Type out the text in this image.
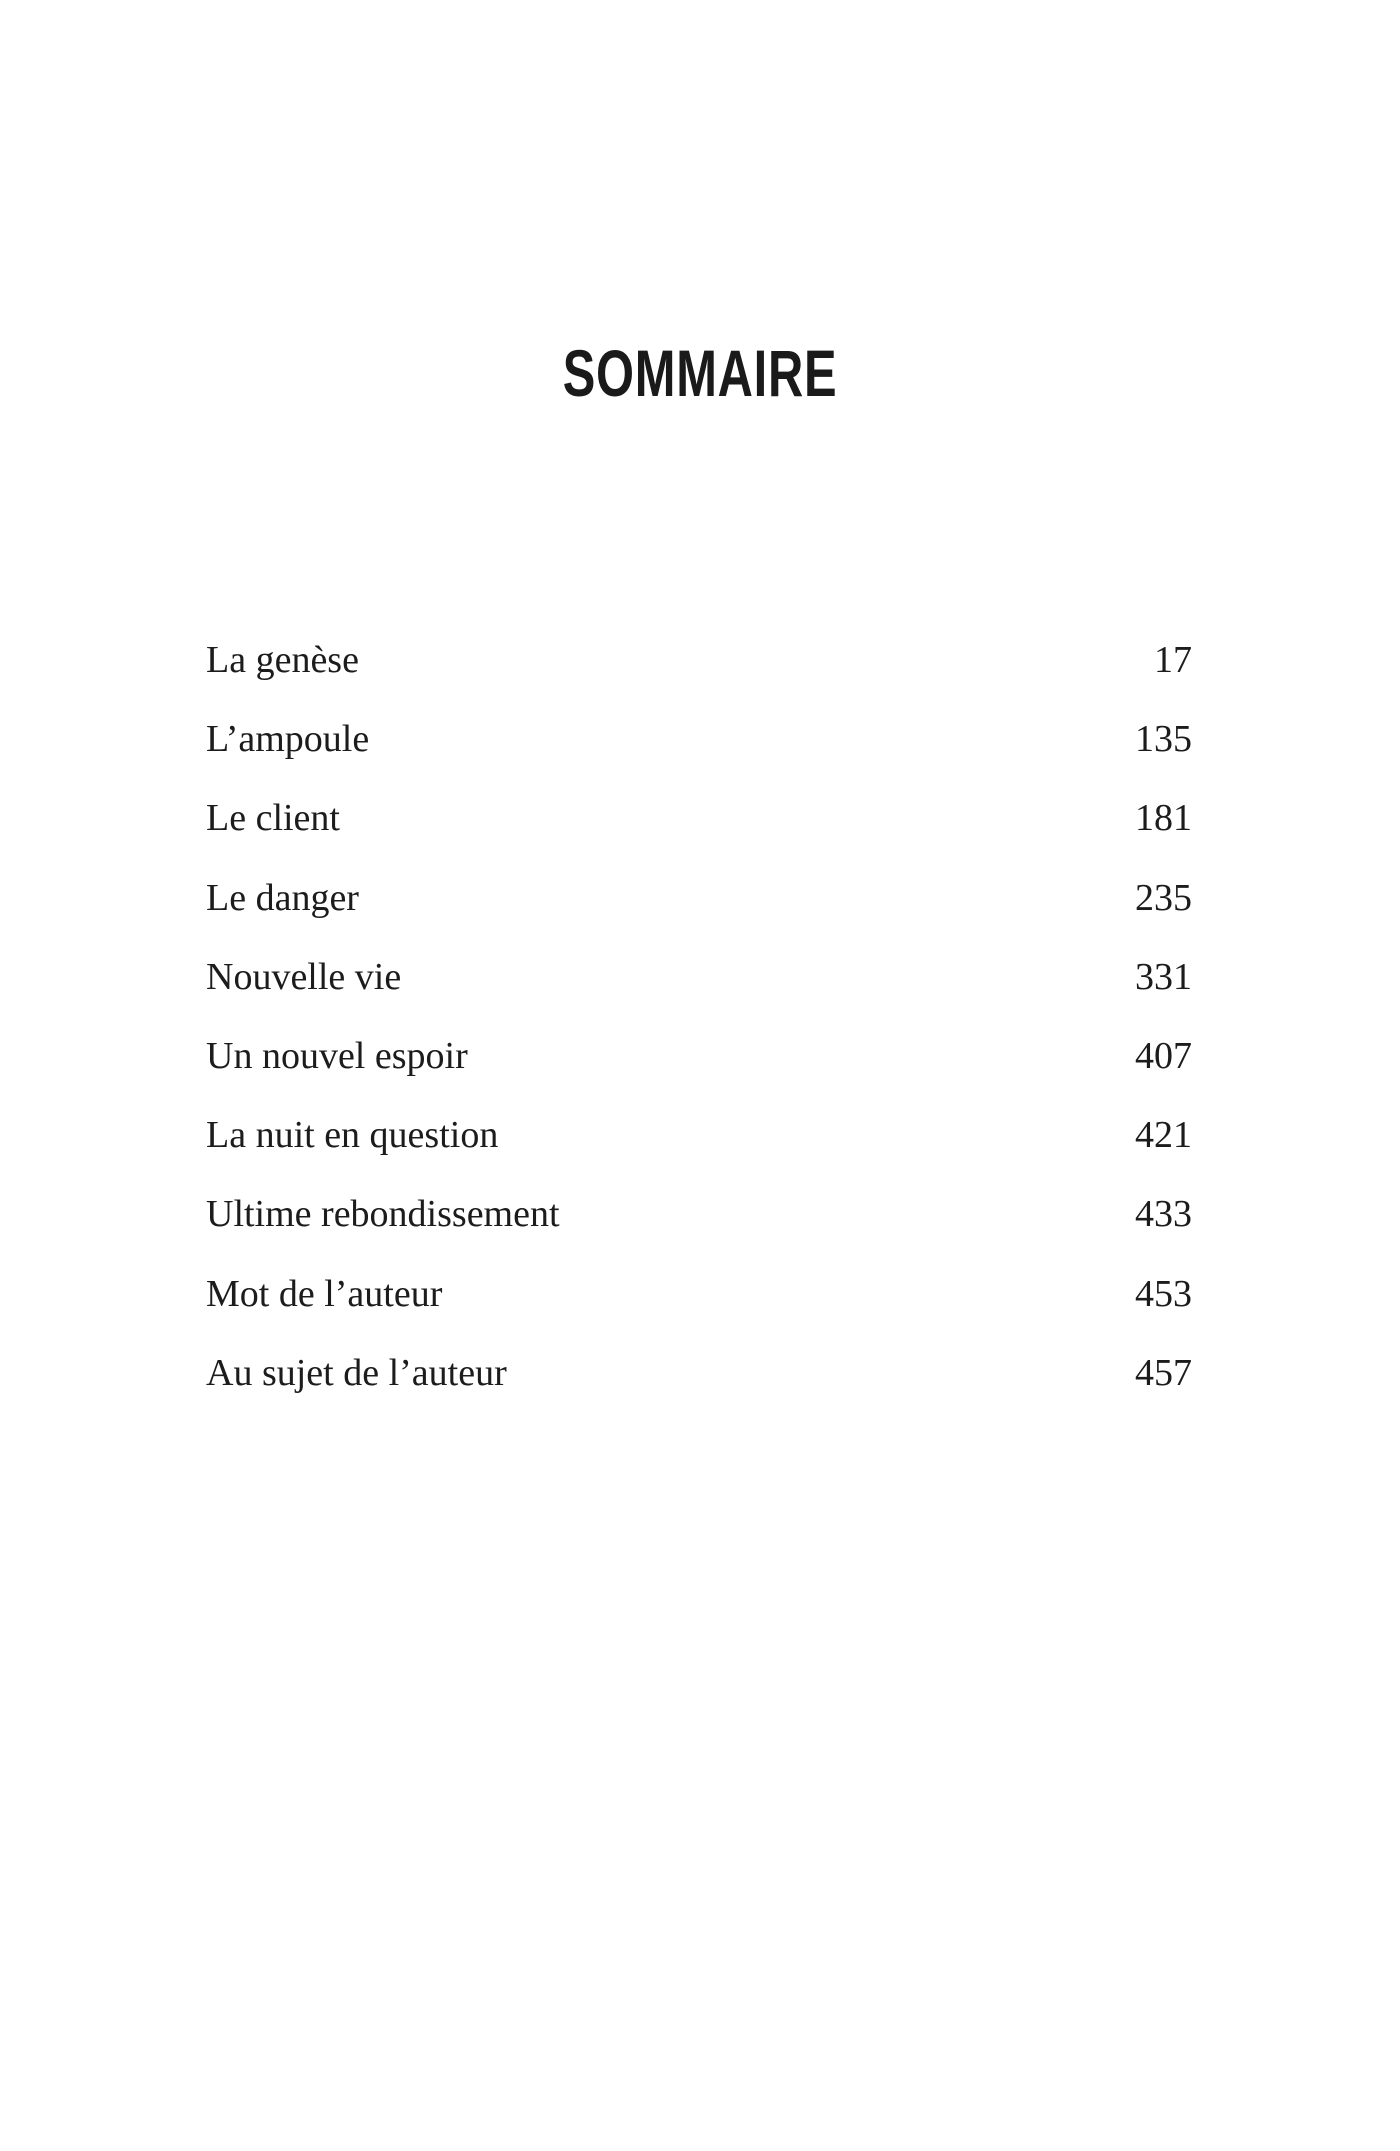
SOMMAIRE
La genèse	17
L’ampoule	135
Le client	181
Le danger	235
Nouvelle vie	331
Un nouvel espoir	407
La nuit en question	421
Ultime rebondissement	433
Mot de l’auteur	453
Au sujet de l’auteur	457
